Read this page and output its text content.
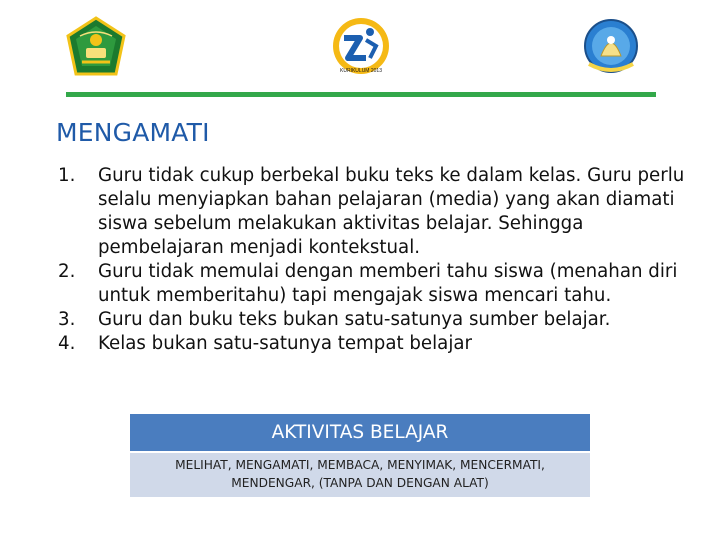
KURIKULUM 2013
MENGAMATI
1.	Guru tidak cukup berbekal buku teks ke dalam kelas. Guru perlu selalu menyiapkan bahan pelajaran (media) yang akan diamati siswa sebelum melakukan aktivitas belajar. Sehingga pembelajaran menjadi kontekstual.
2.	Guru tidak memulai dengan memberi tahu siswa (menahan diri untuk memberitahu) tapi mengajak siswa mencari tahu.
3.	Guru dan buku teks bukan satu-satunya sumber belajar.
4.	Kelas bukan satu-satunya tempat belajar
AKTIVITAS BELAJAR
MELIHAT, MENGAMATI, MEMBACA, MENYIMAK, MENCERMATI, MENDENGAR, (TANPA DAN DENGAN ALAT)
